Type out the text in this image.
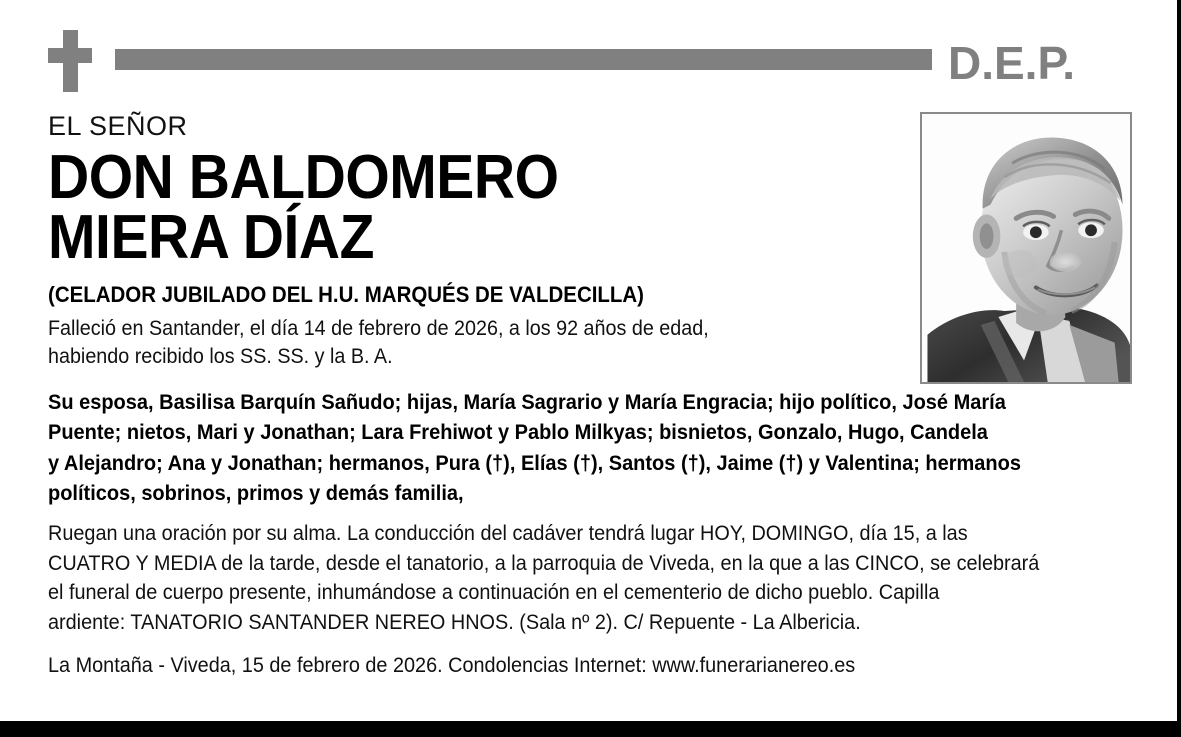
D.E.P.

EL SEÑOR

DON BALDOMERO
MIERA DÍAZ

(CELADOR JUBILADO DEL H.U. MARQUÉS DE VALDECILLA)

Falleció en Santander, el día 14 de febrero de 2026, a los 92 años de edad,
habiendo recibido los SS. SS. y la B. A.

Su esposa, Basilisa Barquín Sañudo; hijas, María Sagrario y María Engracia; hijo político, José María
Puente; nietos, Mari y Jonathan; Lara Frehiwot y Pablo Milkyas; bisnietos, Gonzalo, Hugo, Candela
y Alejandro; Ana y Jonathan; hermanos, Pura (†), Elías (†), Santos (†), Jaime (†) y Valentina; hermanos
políticos, sobrinos, primos y demás familia,

Ruegan una oración por su alma. La conducción del cadáver tendrá lugar HOY, DOMINGO, día 15, a las
CUATRO Y MEDIA de la tarde, desde el tanatorio, a la parroquia de Viveda, en la que a las CINCO, se celebrará
el funeral de cuerpo presente, inhumándose a continuación en el cementerio de dicho pueblo. Capilla
ardiente: TANATORIO SANTANDER NEREO HNOS. (Sala nº 2). C/ Repuente - La Albericia.

La Montaña - Viveda, 15 de febrero de 2026. Condolencias Internet: www.funerarianereo.es
